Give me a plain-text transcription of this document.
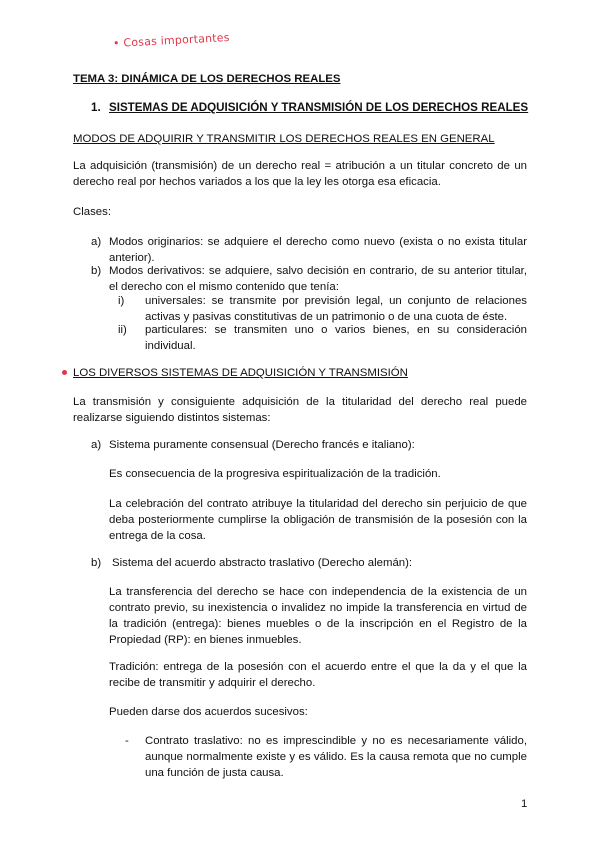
• Cosas importantes
TEMA 3: DINÁMICA DE LOS DERECHOS REALES
1. SISTEMAS DE ADQUISICIÓN Y TRANSMISIÓN DE LOS DERECHOS REALES
MODOS DE ADQUIRIR Y TRANSMITIR LOS DERECHOS REALES EN GENERAL
La adquisición (transmisión) de un derecho real = atribución a un titular concreto de un derecho real por hechos variados a los que la ley les otorga esa eficacia.
Clases:
a) Modos originarios: se adquiere el derecho como nuevo (exista o no exista titular anterior).
b) Modos derivativos: se adquiere, salvo decisión en contrario, de su anterior titular, el derecho con el mismo contenido que tenía:
i) universales: se transmite por previsión legal, un conjunto de relaciones activas y pasivas constitutivas de un patrimonio o de una cuota de éste.
ii) particulares: se transmiten uno o varios bienes, en su consideración individual.
LOS DIVERSOS SISTEMAS DE ADQUISICIÓN Y TRANSMISIÓN
La transmisión y consiguiente adquisición de la titularidad del derecho real puede realizarse siguiendo distintos sistemas:
a) Sistema puramente consensual (Derecho francés e italiano):
Es consecuencia de la progresiva espiritualización de la tradición.
La celebración del contrato atribuye la titularidad del derecho sin perjuicio de que deba posteriormente cumplirse la obligación de transmisión de la posesión con la entrega de la cosa.
b) Sistema del acuerdo abstracto traslativo (Derecho alemán):
La transferencia del derecho se hace con independencia de la existencia de un contrato previo, su inexistencia o invalidez no impide la transferencia en virtud de la tradición (entrega): bienes muebles o de la inscripción en el Registro de la Propiedad (RP): en bienes inmuebles.
Tradición: entrega de la posesión con el acuerdo entre el que la da y el que la recibe de transmitir y adquirir el derecho.
Pueden darse dos acuerdos sucesivos:
- Contrato traslativo: no es imprescindible y no es necesariamente válido, aunque normalmente existe y es válido. Es la causa remota que no cumple una función de justa causa.
1
